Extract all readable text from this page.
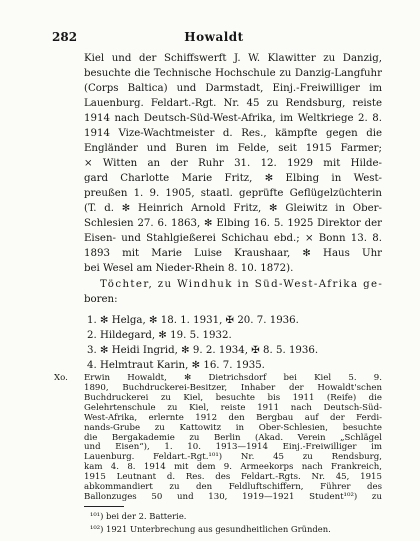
282	Howaldt
Kiel und der Schiffswerft J. W. Klawitter zu Danzig,
besuchte die Technische Hochschule zu Danzig-Langfuhr
(Corps Baltica) und Darmstadt, Einj.-Freiwilliger im
Lauenburg. Feldart.-Rgt. Nr. 45 zu Rendsburg, reiste
1914 nach Deutsch-Süd-West-Afrika, im Weltkriege 2. 8.
1914 Vize-Wachtmeister d. Res., kämpfte gegen die
Engländer und Buren im Felde, seit 1915 Farmer;
× Witten an der Ruhr 31. 12. 1929 mit Hilde-
gard Charlotte Marie Fritz, ✻ Elbing in West-
preußen 1. 9. 1905, staatl. geprüfte Geflügelzüchterin
(T. d. ✻ Heinrich Arnold Fritz, ✻ Gleiwitz in Ober-
Schlesien 27. 6. 1863, ✻ Elbing 16. 5. 1925 Direktor der
Eisen- und Stahlgießerei Schichau ebd.; × Bonn 13. 8.
1893 mit Marie Luise Kraushaar, ✻ Haus Uhr
bei Wesel am Nieder-Rhein 8. 10. 1872).
Töchter, zu Windhuk in Süd-West-Afrika ge-
boren:
1. ✻ Helga, ✻ 18. 1. 1931, ✠ 20. 7. 1936.
2. Hildegard, ✻ 19. 5. 1932.
3. ✻ Heidi Ingrid, ✻ 9. 2. 1934, ✠ 8. 5. 1936.
4. Helmtraut Karin, ✻ 16. 7. 1935.
Xo. Erwin Howaldt, ✻ Dietrichsdorf bei Kiel 5. 9.
1890, Buchdruckerei-Besitzer, Inhaber der Howaldt'schen
Buchdruckerei zu Kiel, besuchte bis 1911 (Reife) die
Gelehrtenschule zu Kiel, reiste 1911 nach Deutsch-Süd-
West-Afrika, erlernte 1912 den Bergbau auf der Ferdi-
nands-Grube zu Kattowitz in Ober-Schlesien, besuchte
die Bergakademie zu Berlin (Akad. Verein „Schlägel
und Eisen“), 1. 10. 1913—1914 Einj.-Freiwilliger im
Lauenburg. Feldart.-Rgt.¹⁰¹) Nr. 45 zu Rendsburg,
kam 4. 8. 1914 mit dem 9. Armeekorps nach Frankreich,
1915 Leutnant d. Res. des Feldart.-Rgts. Nr. 45, 1915
abkommandiert zu den Feldluftschiffern, Führer des
Ballonzuges 50 und 130, 1919—1921 Student¹⁰²) zu
¹⁰¹) bei der 2. Batterie.
¹⁰²) 1921 Unterbrechung aus gesundheitlichen Gründen.
